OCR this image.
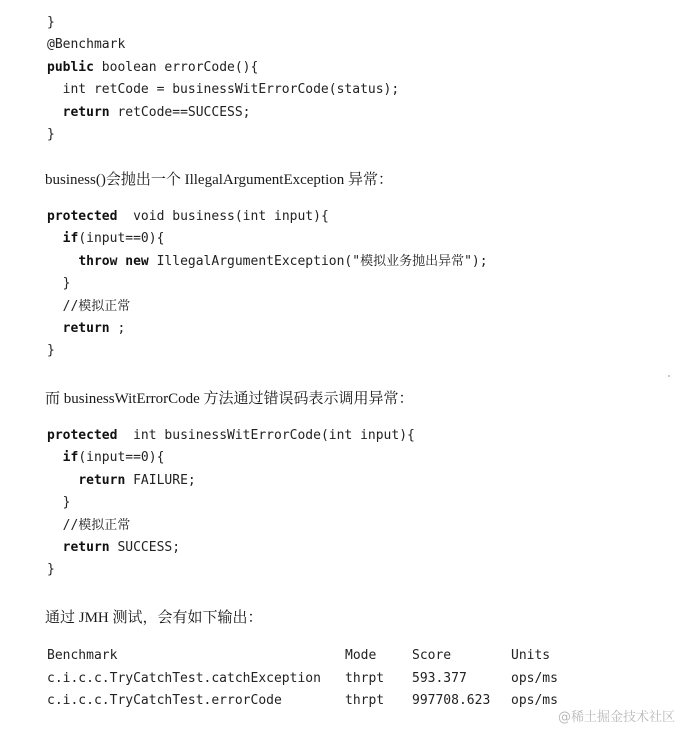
}
@Benchmark
public boolean errorCode(){
int retCode = businessWitErrorCode(status);
return retCode==SUCCESS;
}

business()会抛出一个 IllegalArgumentException 异常：

protected  void business(int input){
if(input==0){
throw new IllegalArgumentException("模拟业务抛出异常");
}
//模拟正常
return ;
}

而 businessWitErrorCode 方法通过错误码表示调用异常：

protected  int businessWitErrorCode(int input){
if(input==0){
return FAILURE;
}
//模拟正常
return SUCCESS;
}

通过 JMH 测试，会有如下输出：

Benchmark	Mode	Score	Units
c.i.c.c.TryCatchTest.catchException thrpt 593.377	ops/ms
c.i.c.c.TryCatchTest.errorCode	thrpt 997708.623 ops/ms
@稀土掘金技术社区
